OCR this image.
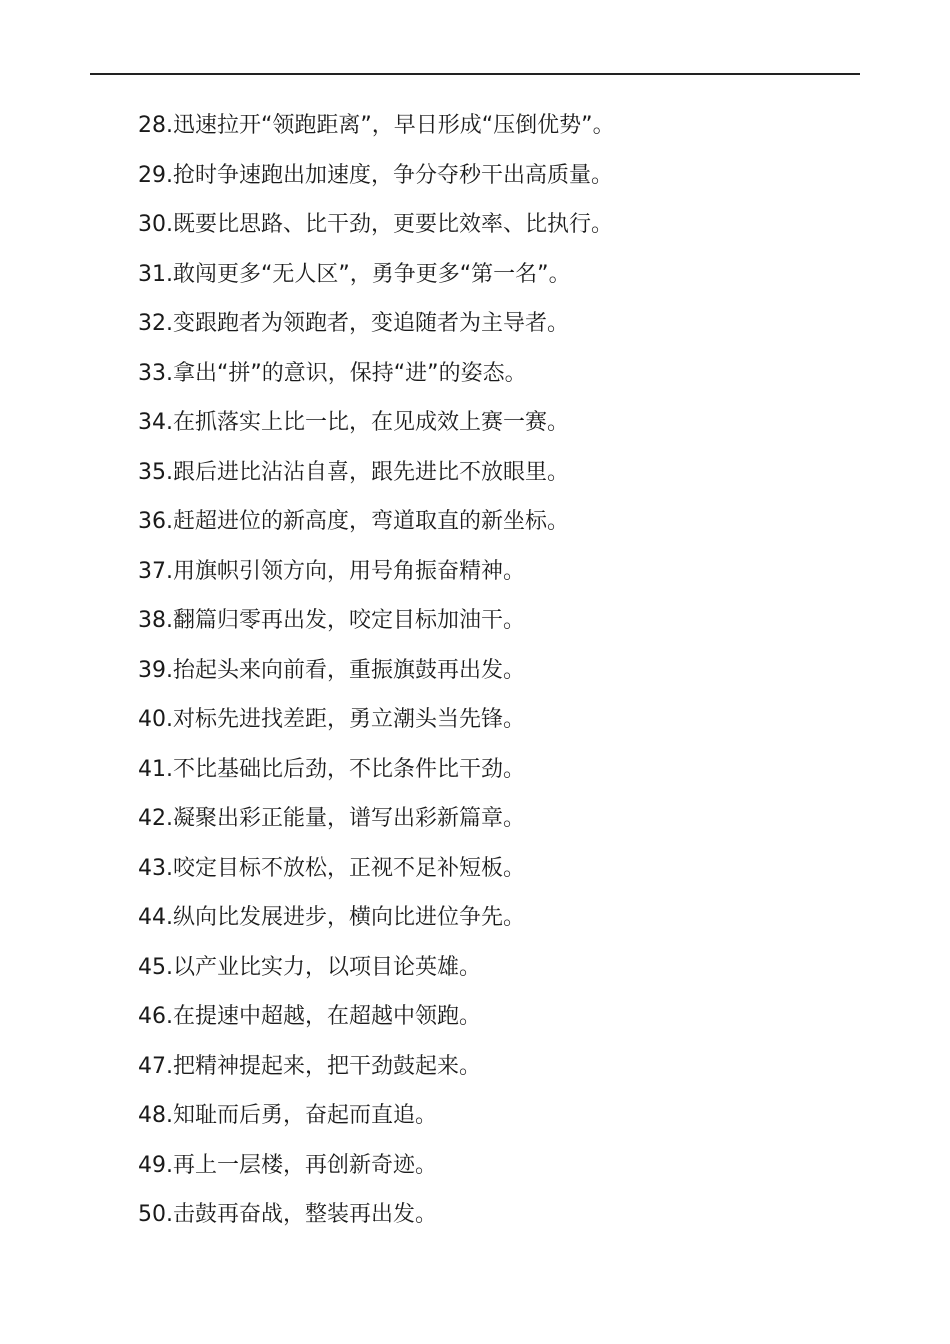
28.迅速拉开“领跑距离”，早日形成“压倒优势”。
29.抢时争速跑出加速度，争分夺秒干出高质量。
30.既要比思路、比干劲，更要比效率、比执行。
31.敢闯更多“无人区”，勇争更多“第一名”。
32.变跟跑者为领跑者，变追随者为主导者。
33.拿出“拼”的意识，保持“进”的姿态。
34.在抓落实上比一比，在见成效上赛一赛。
35.跟后进比沾沾自喜，跟先进比不放眼里。
36.赶超进位的新高度，弯道取直的新坐标。
37.用旗帜引领方向，用号角振奋精神。
38.翻篇归零再出发，咬定目标加油干。
39.抬起头来向前看，重振旗鼓再出发。
40.对标先进找差距，勇立潮头当先锋。
41.不比基础比后劲，不比条件比干劲。
42.凝聚出彩正能量，谱写出彩新篇章。
43.咬定目标不放松，正视不足补短板。
44.纵向比发展进步，横向比进位争先。
45.以产业比实力，以项目论英雄。
46.在提速中超越，在超越中领跑。
47.把精神提起来，把干劲鼓起来。
48.知耻而后勇，奋起而直追。
49.再上一层楼，再创新奇迹。
50.击鼓再奋战，整装再出发。
